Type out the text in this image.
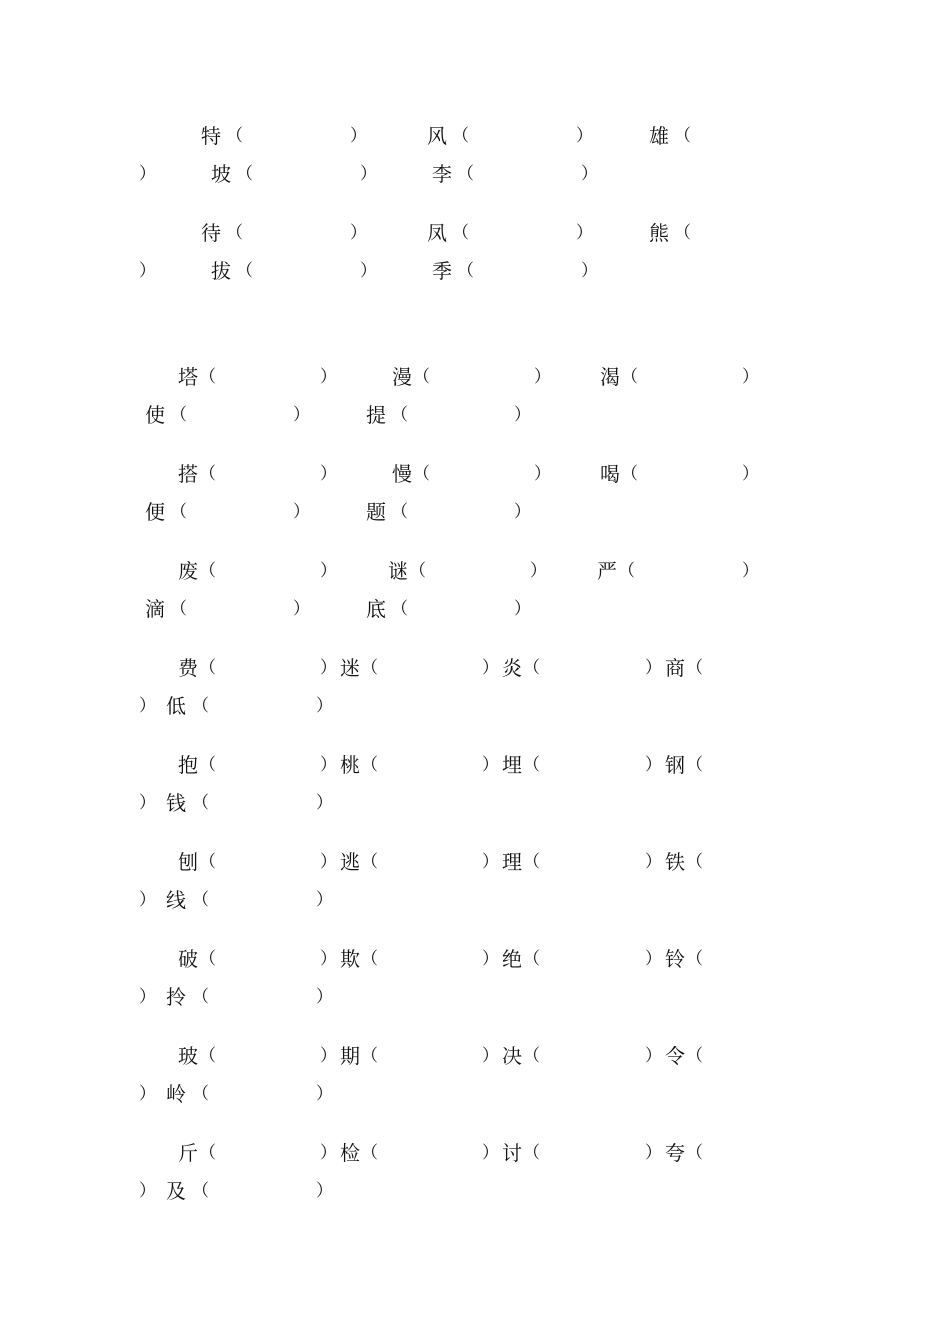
特 （	）	风 （	）	雄 （
）	坡 （	）	李 （	）
待 （	）	凤 （	）	熊 （
）	拔 （	）	季 （	）
塔 （	）	漫 （	） 渴 （	）
使 （	）	提 （	）
搭 （	）	慢 （	） 喝 （	）
便 （	）	题 （	）
废 （	）	谜 （	）	严 （	）
滴 （	）	底 （	）
费 （	） 迷 （	） 炎 （	） 商 （
） 低 （	）
抱 （	） 桃 （	） 埋 （	） 钢 （
） 钱 （	）
刨 （	） 逃 （	） 理 （	） 铁 （
） 线 （	）
破 （	） 欺 （	） 绝 （	） 铃 （
） 拎 （	）
玻 （	） 期 （	） 决 （	） 令 （
） 岭 （	）
斤 （	） 检 （	） 讨 （	） 夸 （
） 及 （	）
